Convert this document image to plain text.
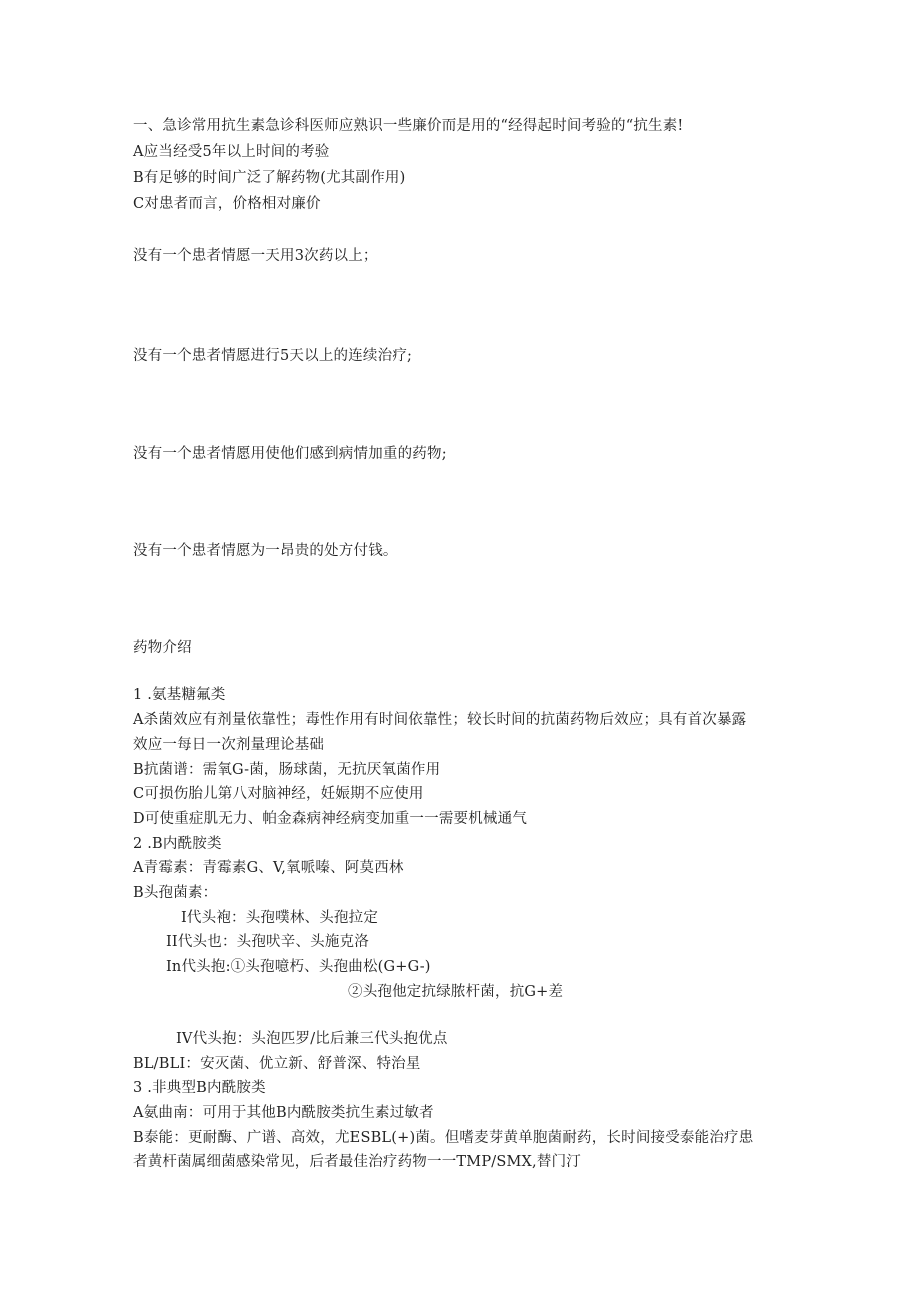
一、急诊常用抗生素急诊科医师应熟识一些廉价而是用的“经得起时间考验的“抗生素!
A应当经受5年以上时间的考验
B有足够的时间广泛了解药物(尤其副作用)
C对患者而言，价格相对廉价
没有一个患者情愿一天用3次药以上；
没有一个患者情愿进行5天以上的连续治疗;
没有一个患者情愿用使他们感到病情加重的药物;
没有一个患者情愿为一昂贵的处方付钱。
药物介绍
1 .氨基糖氟类
A杀菌效应有剂量依靠性；毒性作用有时间依靠性；较长时间的抗菌药物后效应；具有首次暴露
效应一每日一次剂量理论基础
B抗菌谱：需氧G-菌，肠球菌，无抗厌氧菌作用
C可损伤胎儿第八对脑神经，妊娠期不应使用
D可使重症肌无力、帕金森病神经病变加重一一需要机械通气
2 .B内酰胺类
A青霉素：青霉素G、V,氧哌嗪、阿莫西林
B头孢菌素：
I代头袍：头孢噗林、头孢拉定
II代头也：头孢吠辛、头施克洛
In代头抱:①头孢噫朽、头孢曲松(G+G-)
②头孢他定抗绿脓杆菌，抗G+差
IV代头抱：头泡匹罗/比后兼三代头抱优点
BL/BLI：安灭菌、优立新、舒普深、特治星
3 .非典型B内酰胺类
A氨曲南：可用于其他B内酰胺类抗生素过敏者
B泰能：更耐酶、广谱、高效，尤ESBL(+)菌。但嗜麦芽黄单胞菌耐药，长时间接受泰能治疗患
者黄杆菌属细菌感染常见，后者最佳治疗药物一一TMP/SMX,替门汀
